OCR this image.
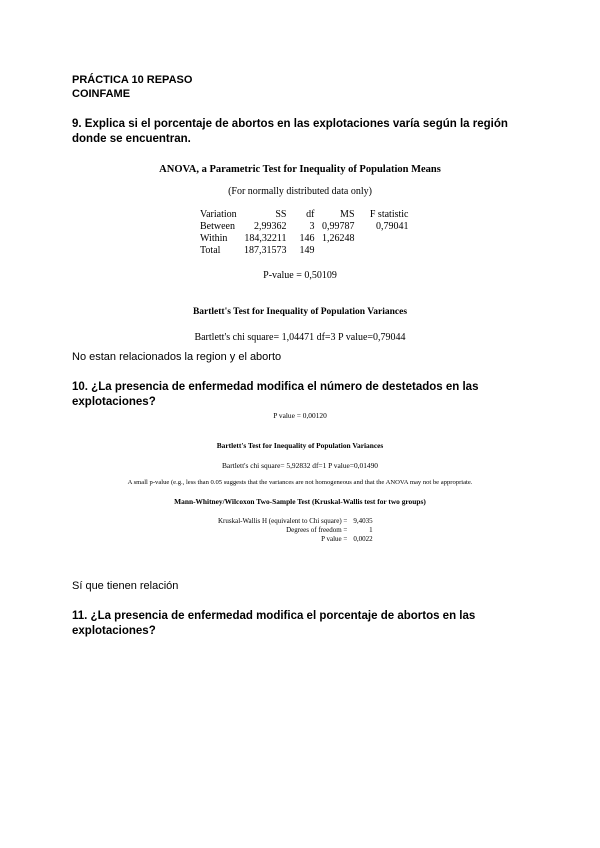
PRÁCTICA 10 REPASO
COINFAME
9. Explica si el porcentaje de abortos en las explotaciones varía según la región donde se encuentran.
ANOVA, a Parametric Test for Inequality of Population Means
(For normally distributed data only)
Variation	SS	df	MS	F statistic
Between	2,99362	3	0,99787	0,79041
Within	184,32211	146	1,26248	
Total	187,31573	149		
P-value = 0,50109
Bartlett's Test for Inequality of Population Variances
Bartlett's chi square= 1,04471 df=3 P value=0,79044
No estan relacionados la region y el aborto
10. ¿La presencia de enfermedad modifica el número de destetados en las explotaciones?
P value = 0,00120
Bartlett's Test for Inequality of Population Variances
Bartlett's chi square= 5,92832 df=1 P value=0,01490
A small p-value (e.g., less than 0.05 suggests that the variances are not homogeneous and that the ANOVA may not be appropriate.
Mann-Whitney/Wilcoxon Two-Sample Test (Kruskal-Wallis test for two groups)
Kruskal-Wallis H (equivalent to Chi square) =	9,4035
Degrees of freedom =	1
P value =	0,0022
Sí que tienen relación
11. ¿La presencia de enfermedad modifica el porcentaje de abortos en las explotaciones?
